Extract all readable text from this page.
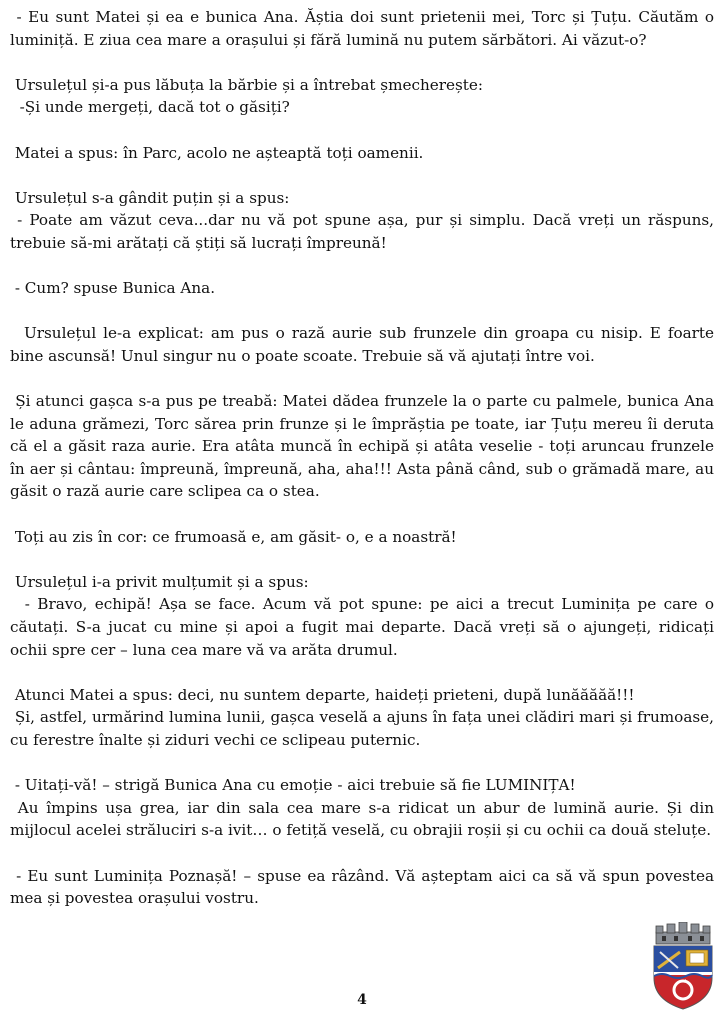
- Eu sunt Matei și ea e bunica Ana. Ăștia doi sunt prietenii mei, Torc și Țuțu. Căutăm o luminiță. E ziua cea mare a orașului și fără lumină nu putem sărbători. Ai văzut-o?

Ursulețul și-a pus lăbuța la bărbie și a întrebat șmecherește:
-Și unde mergeți, dacă tot o găsiți?

Matei a spus: în Parc, acolo ne așteaptă toți oamenii.

Ursulețul s-a gândit puțin și a spus:
- Poate am văzut ceva...dar nu vă pot spune așa, pur și simplu. Dacă vreți un răspuns, trebuie să-mi arătați că știți să lucrați împreună!

- Cum? spuse Bunica Ana.

Ursulețul le-a explicat: am pus o rază aurie sub frunzele din groapa cu nisip. E foarte bine ascunsă! Unul singur nu o poate scoate. Trebuie să vă ajutați între voi.

Și atunci gașca s-a pus pe treabă: Matei dădea frunzele la o parte cu palmele, bunica Ana le aduna grămezi, Torc sărea prin frunze și le împrăștia pe toate, iar Țuțu mereu îi deruta că el a găsit raza aurie. Era atâta muncă în echipă și atâta veselie - toți aruncau frunzele în aer și cântau: împreună, împreună, aha, aha!!! Asta până când, sub o grămadă mare, au găsit o rază aurie care sclipea ca o stea.

Toți au zis în cor: ce frumoasă e, am găsit- o, e a noastră!

Ursulețul i-a privit mulțumit și a spus:
- Bravo, echipă! Așa se face. Acum vă pot spune: pe aici a trecut Luminița pe care o căutați. S-a jucat cu mine și apoi a fugit mai departe. Dacă vreți să o ajungeți, ridicați ochii spre cer – luna cea mare vă va arăta drumul.

Atunci Matei a spus: deci, nu suntem departe, haideți prieteni, după lunăăăăă!!!
Și, astfel, urmărind lumina lunii, gașca veselă a ajuns în fața unei clădiri mari și frumoase, cu ferestre înalte și ziduri vechi ce sclipeau puternic.

- Uitați-vă! – strigă Bunica Ana cu emoție - aici trebuie să fie LUMINIȚA!
Au împins ușa grea, iar din sala cea mare s-a ridicat un abur de lumină aurie. Și din mijlocul acelei străluciri s-a ivit… o fetiță veselă, cu obrajii roșii și cu ochii ca două steluțe.

- Eu sunt Luminița Poznașă! – spuse ea râzând. Vă așteptam aici ca să vă spun povestea mea și povestea orașului vostru.

4
